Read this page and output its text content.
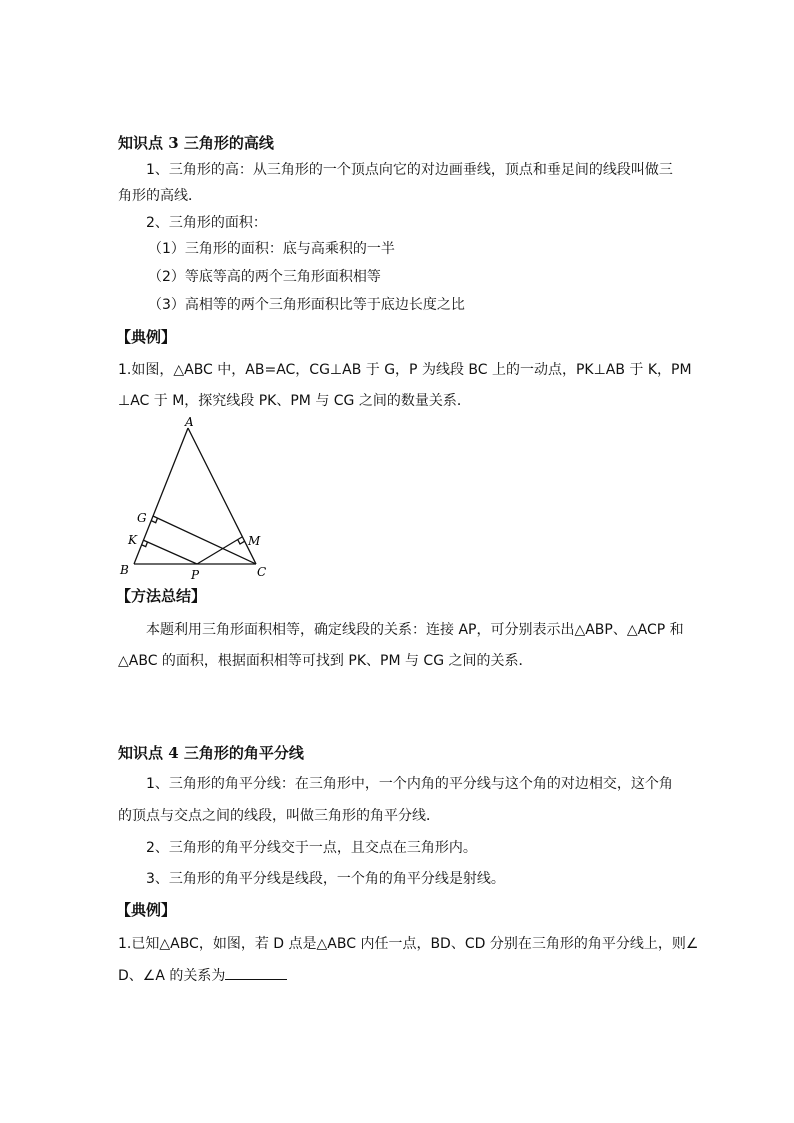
知识点 3 三角形的高线
1、三角形的高：从三角形的一个顶点向它的对边画垂线，顶点和垂足间的线段叫做三
角形的高线．
2、三角形的面积：
（1）三角形的面积：底与高乘积的一半
（2）等底等高的两个三角形面积相等
（3）高相等的两个三角形面积比等于底边长度之比
【典例】
1.如图，△ABC 中，AB=AC，CG⊥AB 于 G，P 为线段 BC 上的一动点，PK⊥AB 于 K，PM
⊥AC 于 M，探究线段 PK、PM 与 CG 之间的数量关系．
A
G
K	M
B	P	C
【方法总结】
本题利用三角形面积相等，确定线段的关系：连接 AP，可分别表示出△ABP、△ACP 和
△ABC 的面积，根据面积相等可找到 PK、PM 与 CG 之间的关系．
知识点 4 三角形的角平分线
1、三角形的角平分线：在三角形中，一个内角的平分线与这个角的对边相交，这个角
的顶点与交点之间的线段，叫做三角形的角平分线．
2、三角形的角平分线交于一点，且交点在三角形内。
3、三角形的角平分线是线段，一个角的角平分线是射线。
【典例】
1.已知△ABC，如图，若 D 点是△ABC 内任一点，BD、CD 分别在三角形的角平分线上，则∠
D、∠A 的关系为
